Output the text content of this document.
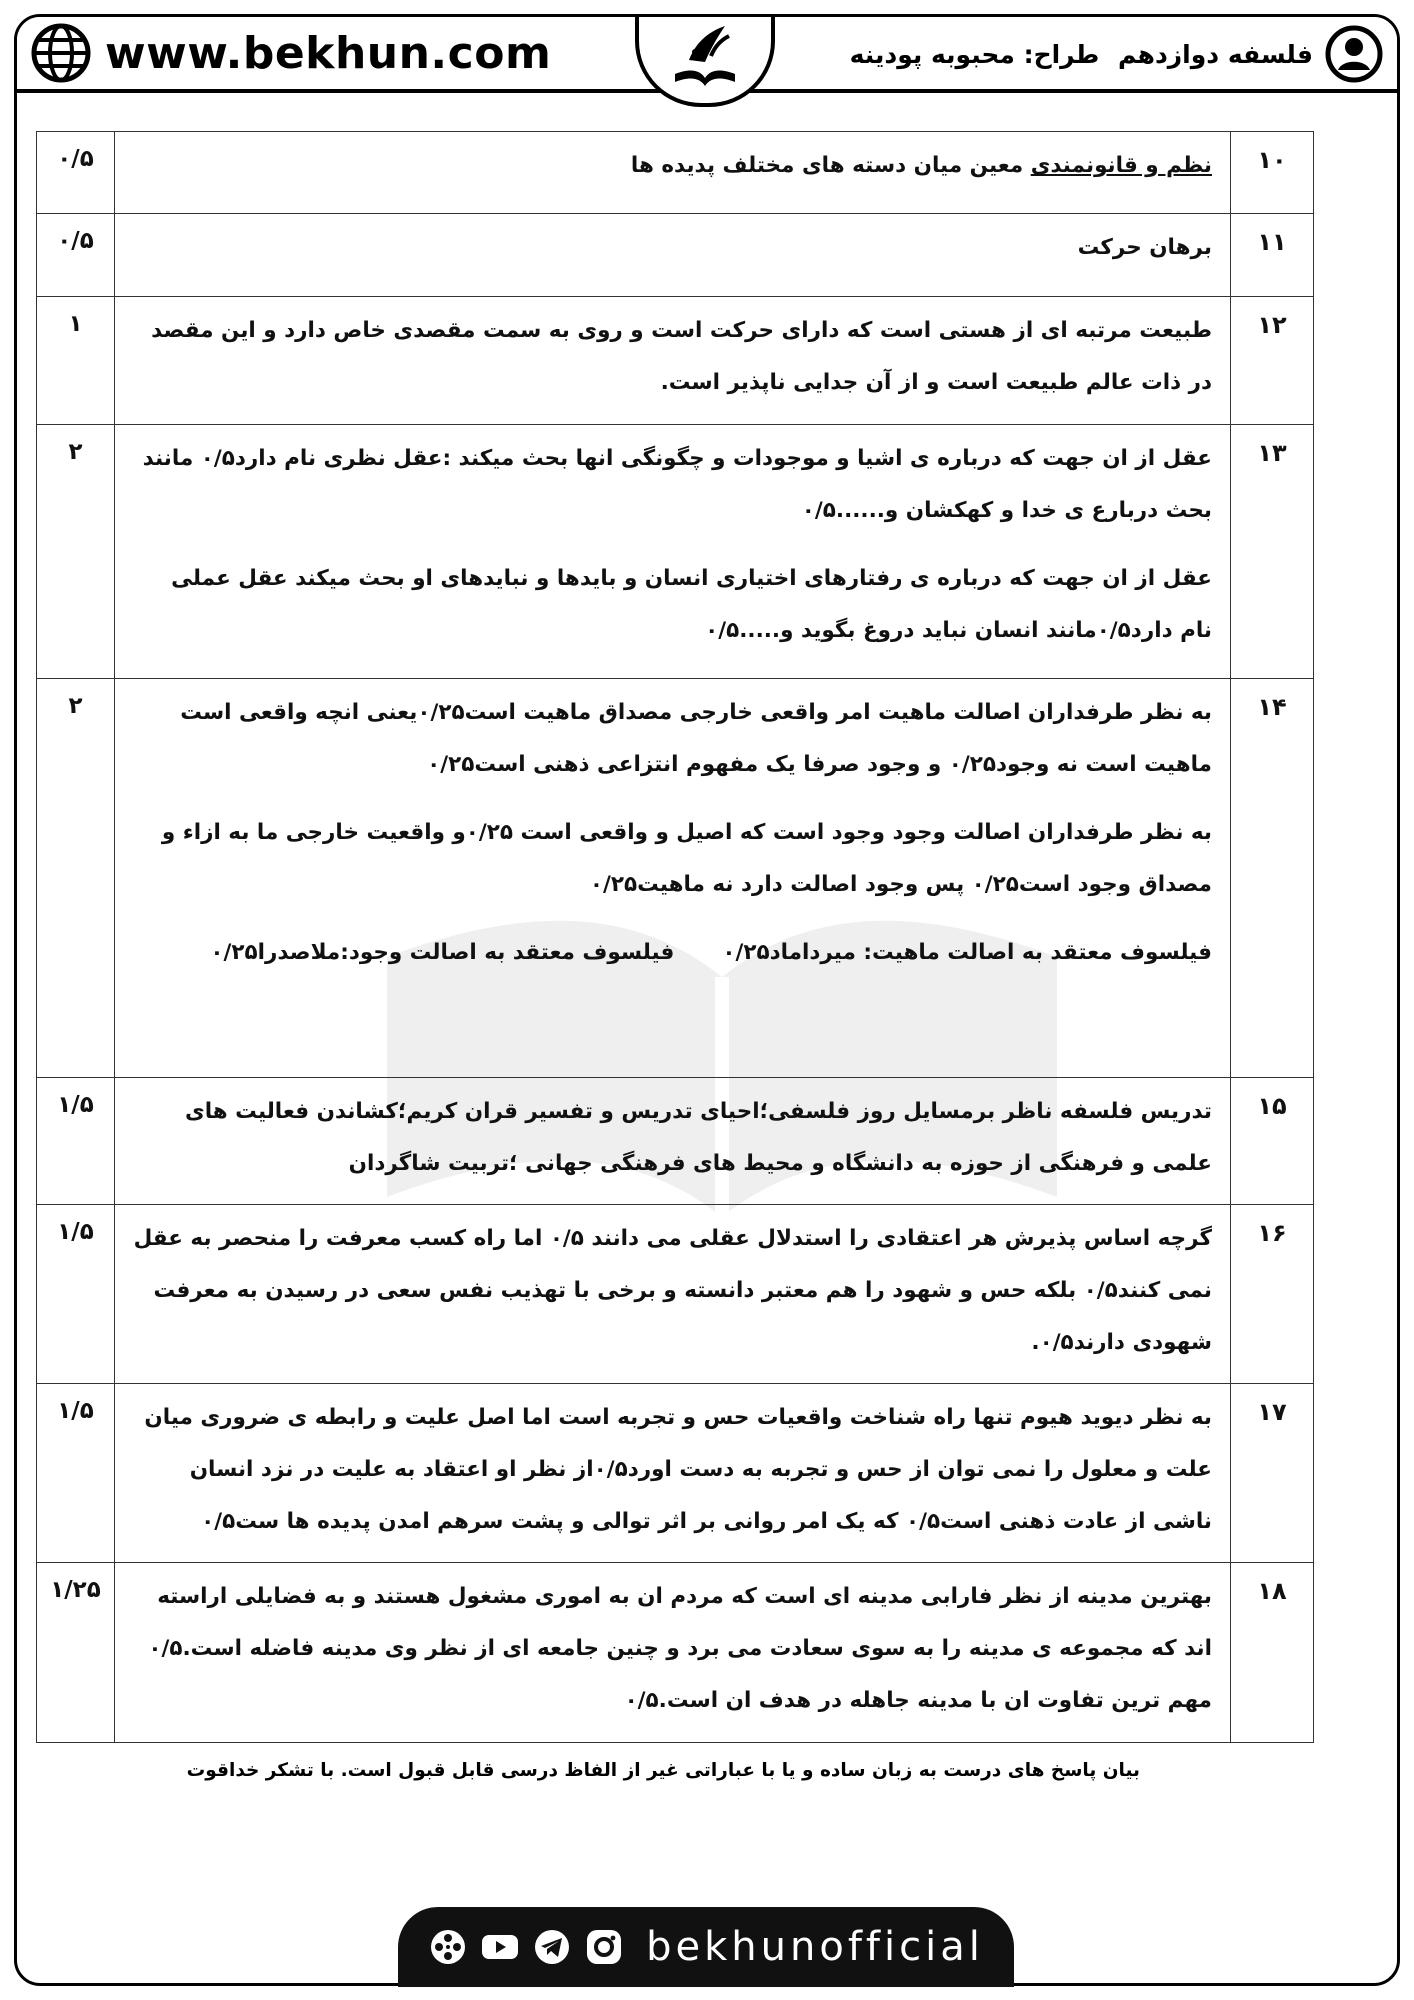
www.bekhun.com	فلسفه دوازدهم طراح: محبوبه پودینه
۱۰	نظم و قانونمندی معین میان دسته های مختلف پدیده ها	۰/۵
۱۱	برهان حرکت	۰/۵
۱۲	طبیعت مرتبه ای از هستی است که دارای حرکت است و روی به سمت مقصدی خاص دارد و این مقصد در ذات عالم طبیعت است و از آن جدایی ناپذیر است.	۱
۱۳	عقل از ان جهت که درباره ی اشیا و موجودات و چگونگی انها بحث میکند :عقل نظری نام دارد۰/۵ مانند بحث دربارع ی خدا و کهکشان و......۰/۵

عقل از ان جهت که درباره ی رفتارهای اختیاری انسان و بایدها و نبایدهای او بحث میکند عقل عملی نام دارد۰/۵مانند انسان نباید دروغ بگوید و.....۰/۵	۲
۱۴	به نظر طرفداران اصالت ماهیت امر واقعی خارجی مصداق ماهیت است۰/۲۵یعنی انچه واقعی است ماهیت است نه وجود۰/۲۵ و وجود صرفا یک مفهوم انتزاعی ذهنی است۰/۲۵

به نظر طرفداران اصالت وجود وجود است که اصیل و واقعی است ۰/۲۵و واقعیت خارجی ما به ازاء و مصداق وجود است۰/۲۵ پس وجود اصالت دارد نه ماهیت۰/۲۵

فیلسوف معتقد به اصالت ماهیت: میرداماد۰/۲۵فیلسوف معتقد به اصالت وجود:ملاصدرا۰/۲۵	۲
۱۵	تدریس فلسفه ناظر برمسایل روز فلسفی؛احیای تدریس و تفسیر قران کریم؛کشاندن فعالیت های علمی و فرهنگی از حوزه به دانشگاه و محیط های فرهنگی جهانی ؛تربیت شاگردان	۱/۵
۱۶	گرچه اساس پذیرش هر اعتقادی را استدلال عقلی می دانند ۰/۵ اما راه کسب معرفت را منحصر به عقل نمی کنند۰/۵ بلکه حس و شهود را هم معتبر دانسته و برخی با تهذیب نفس سعی در رسیدن به معرفت شهودی دارند۰/۵.	۱/۵
۱۷	به نظر دیوید هیوم تنها راه شناخت واقعیات حس و تجربه است اما اصل علیت و رابطه ی ضروری میان علت و معلول را نمی توان از حس و تجربه به دست اورد۰/۵از نظر او اعتقاد به علیت در نزد انسان ناشی از عادت ذهنی است۰/۵ که یک امر روانی بر اثر توالی و پشت سرهم امدن پدیده ها ست۰/۵	۱/۵
۱۸	بهترین مدینه از نظر فارابی مدینه ای است که مردم ان به اموری مشغول هستند و به فضایلی اراسته اند که مجموعه ی مدینه را به سوی سعادت می برد و چنین جامعه ای از نظر وی مدینه فاضله است.۰/۵ مهم ترین تفاوت ان با مدینه جاهله در هدف ان است.۰/۵	۱/۲۵
بیان پاسخ های درست به زبان ساده و یا با عباراتی غیر از الفاظ درسی قابل قبول است. با تشکر خداقوت
bekhunofficial
